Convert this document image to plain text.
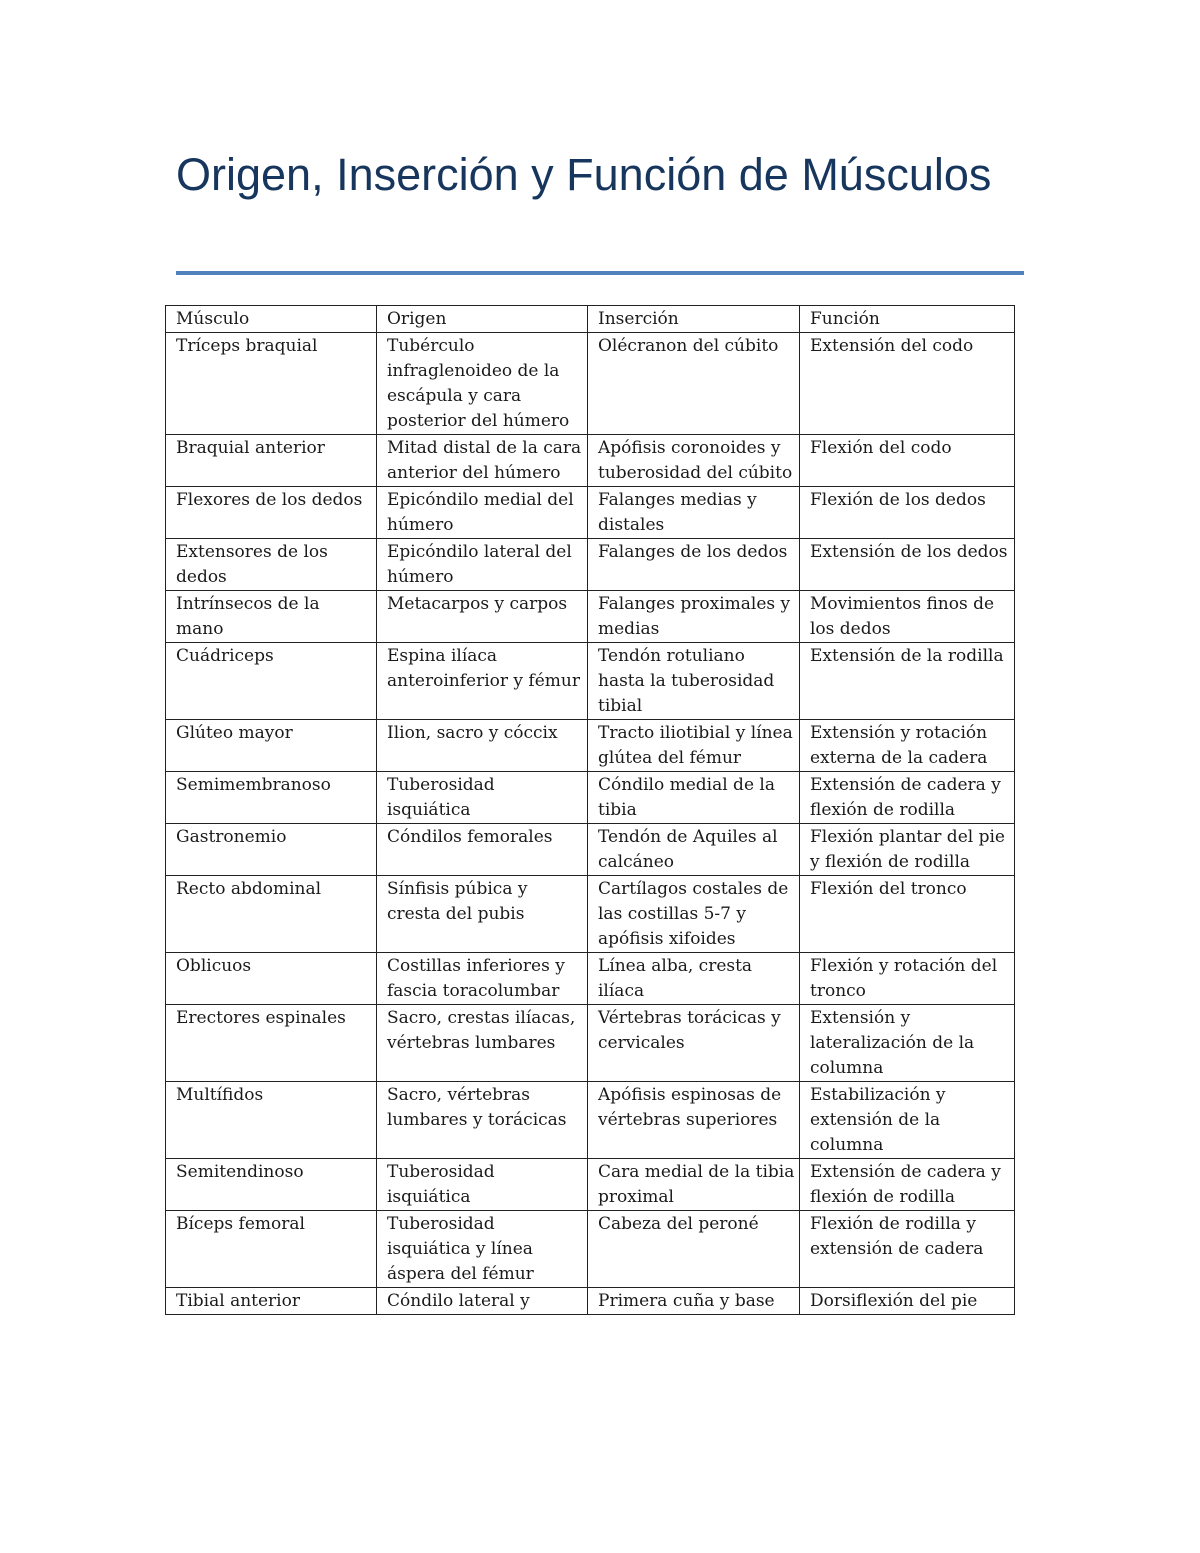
Origen, Inserción y Función de Músculos
Músculo	Origen	Inserción	Función
Tríceps braquial	Tubérculo infraglenoideo de la escápula y cara posterior del húmero	Olécranon del cúbito	Extensión del codo
Braquial anterior	Mitad distal de la cara anterior del húmero	Apófisis coronoides y tuberosidad del cúbito	Flexión del codo
Flexores de los dedos	Epicóndilo medial del húmero	Falanges medias y distales	Flexión de los dedos
Extensores de los dedos	Epicóndilo lateral del húmero	Falanges de los dedos	Extensión de los dedos
Intrínsecos de la mano	Metacarpos y carpos	Falanges proximales y medias	Movimientos finos de los dedos
Cuádriceps	Espina ilíaca anteroinferior y fémur	Tendón rotuliano hasta la tuberosidad tibial	Extensión de la rodilla
Glúteo mayor	Ilion, sacro y cóccix	Tracto iliotibial y línea glútea del fémur	Extensión y rotación externa de la cadera
Semimembranoso	Tuberosidad isquiática	Cóndilo medial de la tibia	Extensión de cadera y flexión de rodilla
Gastronemio	Cóndilos femorales	Tendón de Aquiles al calcáneo	Flexión plantar del pie y flexión de rodilla
Recto abdominal	Sínfisis púbica y cresta del pubis	Cartílagos costales de las costillas 5-7 y apófisis xifoides	Flexión del tronco
Oblicuos	Costillas inferiores y fascia toracolumbar	Línea alba, cresta ilíaca	Flexión y rotación del tronco
Erectores espinales	Sacro, crestas ilíacas, vértebras lumbares	Vértebras torácicas y cervicales	Extensión y lateralización de la columna
Multífidos	Sacro, vértebras lumbares y torácicas	Apófisis espinosas de vértebras superiores	Estabilización y extensión de la columna
Semitendinoso	Tuberosidad isquiática	Cara medial de la tibia proximal	Extensión de cadera y flexión de rodilla
Bíceps femoral	Tuberosidad isquiática y línea áspera del fémur	Cabeza del peroné	Flexión de rodilla y extensión de cadera
Tibial anterior	Cóndilo lateral y	Primera cuña y base	Dorsiflexión del pie
